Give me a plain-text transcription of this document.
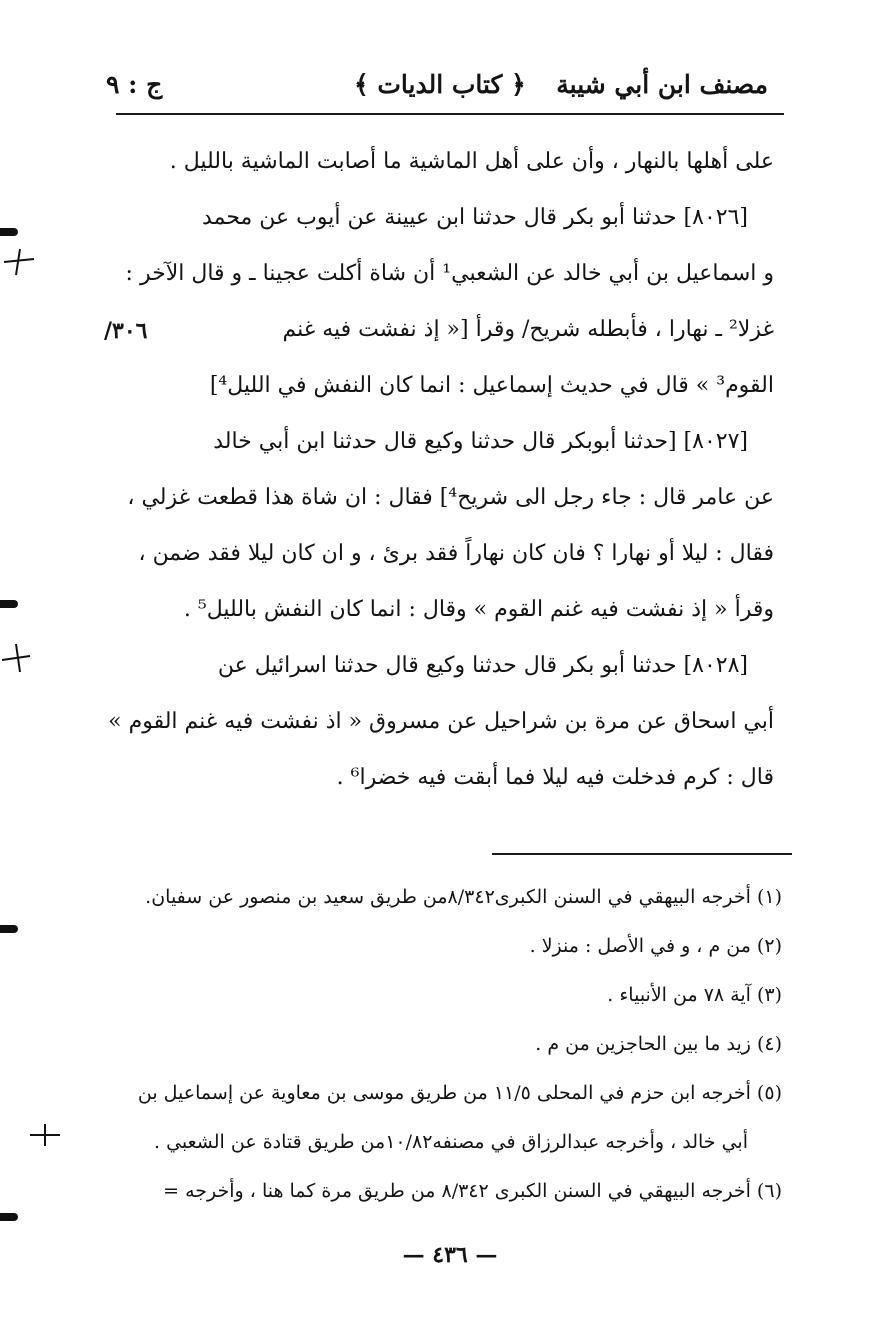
مصنف ابن أبي شيبة
﴿ كتاب الديات ﴾
ج : ٩
على أهلها بالنهار ، وأن على أهل الماشية ما أصابت الماشية بالليل .
[٨٠٢٦] حدثنا أبو بكر قال حدثنا ابن عيينة عن أيوب عن محمد
و اسماعيل بن أبي خالد عن الشعبي¹ أن شاة أكلت عجينا ـ و قال الآخر :
غزلا² ـ نهارا ، فأبطله شريح/ وقرأ [« إذ نفشت فيه غنم
القوم³ » قال في حديث إسماعيل : انما كان النفش في الليل⁴]
[٨٠٢٧] [حدثنا أبوبكر قال حدثنا وكيع قال حدثنا ابن أبي خالد
عن عامر قال : جاء رجل الى شريح⁴] فقال : ان شاة هذا قطعت غزلي ،
فقال : ليلا أو نهارا ؟ فان كان نهاراً فقد برئ ، و ان كان ليلا فقد ضمن ،
وقرأ « إذ نفشت فيه غنم القوم » وقال : انما كان النفش بالليل⁵ .
[٨٠٢٨] حدثنا أبو بكر قال حدثنا وكيع قال حدثنا اسرائيل عن
أبي اسحاق عن مرة بن شراحيل عن مسروق « اذ نفشت فيه غنم القوم »
قال : كرم فدخلت فيه ليلا فما أبقت فيه خضرا⁶ .
٣٠٦/
(١) أخرجه البيهقي في السنن الكبرى٨/٣٤٢من طريق سعيد بن منصور عن سفيان.
(٢) من م ، و في الأصل : منزلا .
(٣) آية ٧٨ من الأنبياء .
(٤) زيد ما بين الحاجزين من م .
(٥) أخرجه ابن حزم في المحلى ١١/٥ من طريق موسى بن معاوية عن إسماعيل بن
أبي خالد ، وأخرجه عبدالرزاق في مصنفه١٠/٨٢من طريق قتادة عن الشعبي .
(٦) أخرجه البيهقي في السنن الكبرى ٨/٣٤٢ من طريق مرة كما هنا ، وأخرجه =
— ٤٣٦ —
